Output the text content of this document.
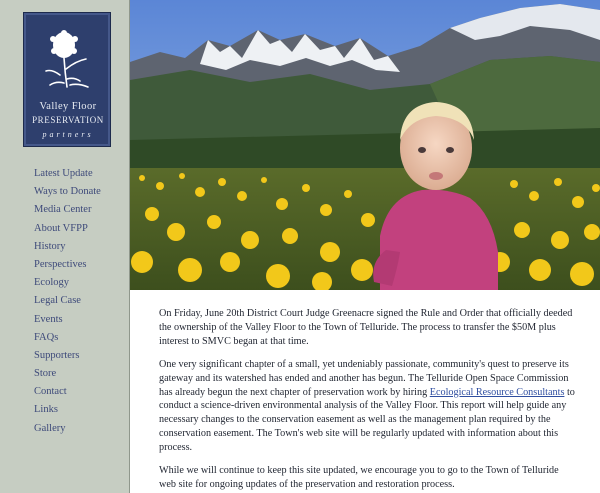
Valley Floor
PRESERVATION
partners
Latest Update
Ways to Donate
Media Center
About VFPP
History
Perspectives
Ecology
Legal Case
Events
FAQs
Supporters
Store
Contact
Links
Gallery

On Friday, June 20th District Court Judge Greenacre signed the Rule and Order that officially deeded the ownership of the Valley Floor to the Town of Telluride. The process to transfer the $50M plus interest to SMVC began at that time.

One very significant chapter of a small, yet undeniably passionate, community's quest to preserve its gateway and its watershed has ended and another has begun. The Telluride Open Space Commission has already begun the next chapter of preservation work by hiring Ecological Resource Consultants to conduct a science-driven environmental analysis of the Valley Floor. This report will help guide any necessary changes to the conservation easement as well as the management plan required by the conservation easement. The Town's web site will be regularly updated with information about this process.

While we will continue to keep this site updated, we encourage you to go to the Town of Telluride web site for ongoing updates of the preservation and restoration process.
